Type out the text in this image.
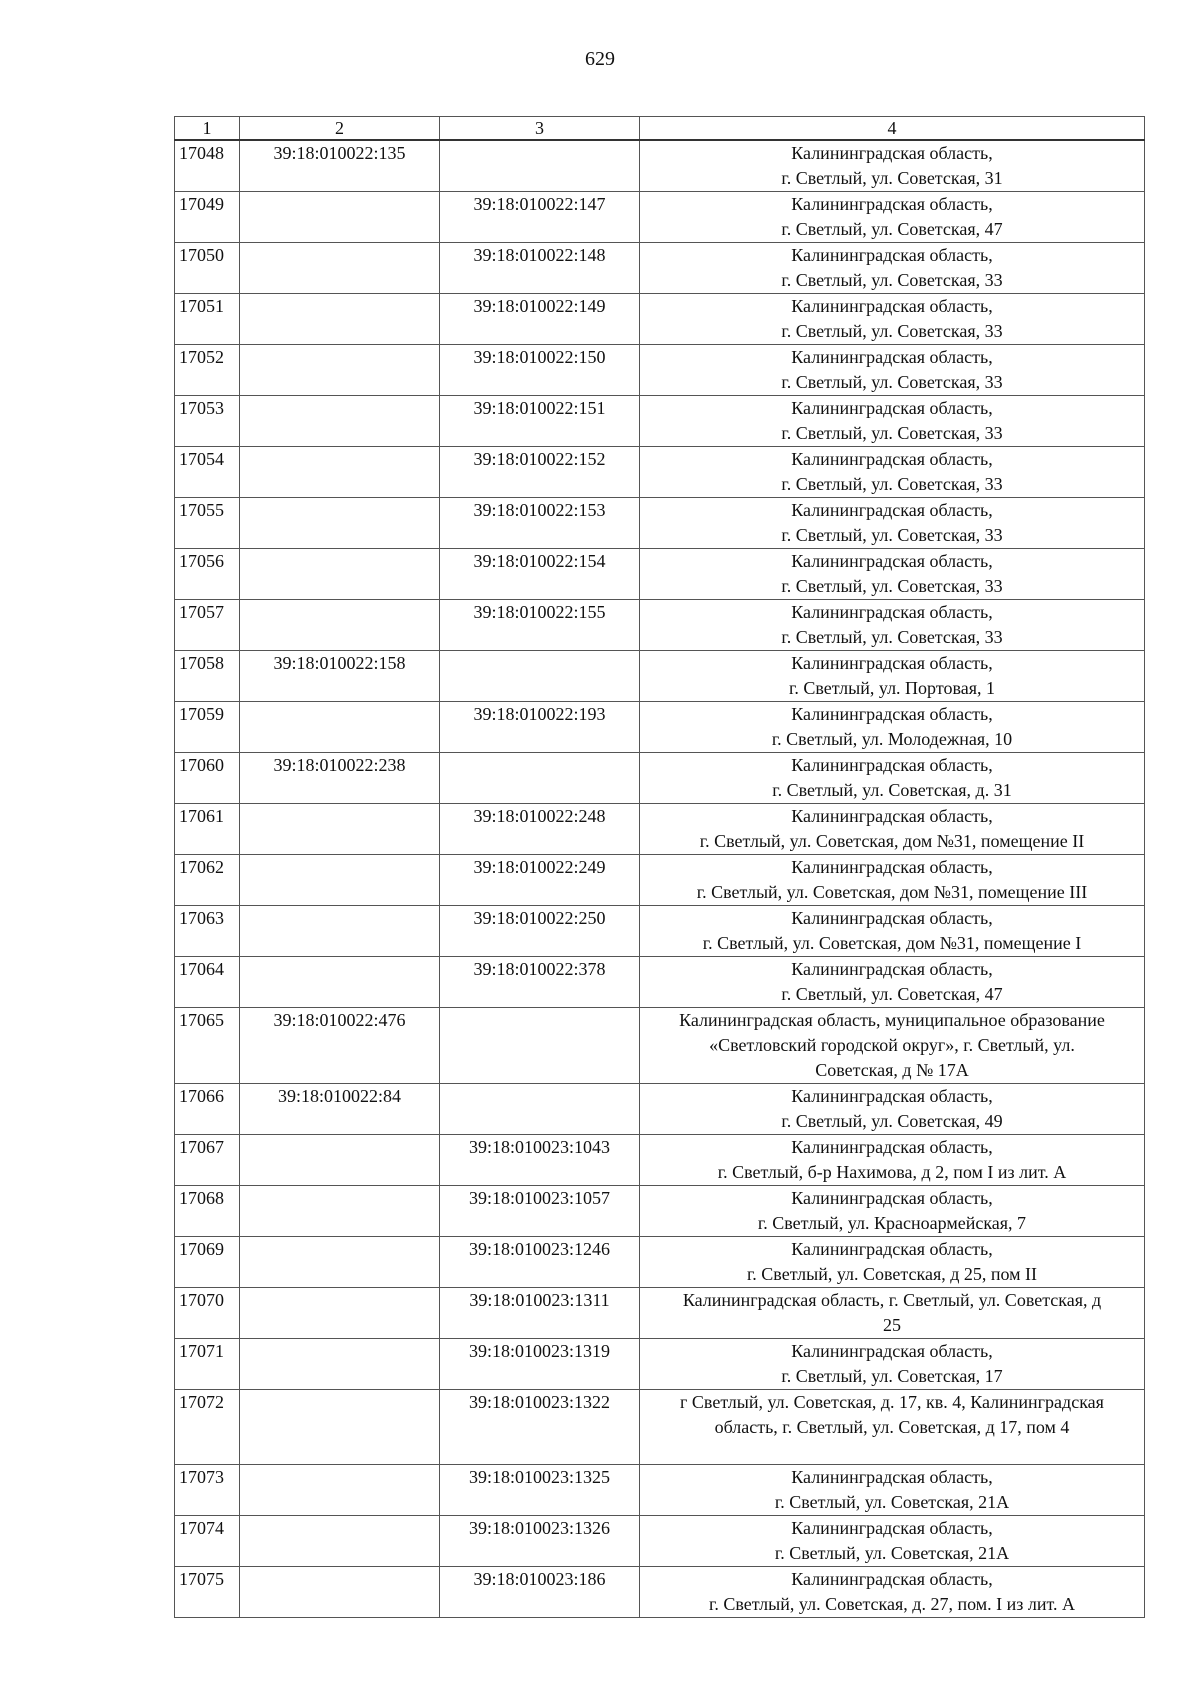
629
1	2	3	4
17048	39:18:010022:135		Калининградская область,
г. Светлый, ул. Советская, 31

17049		39:18:010022:147	Калининградская область,
г. Светлый, ул. Советская, 47

17050		39:18:010022:148	Калининградская область,
г. Светлый, ул. Советская, 33

17051		39:18:010022:149	Калининградская область,
г. Светлый, ул. Советская, 33

17052		39:18:010022:150	Калининградская область,
г. Светлый, ул. Советская, 33

17053		39:18:010022:151	Калининградская область,
г. Светлый, ул. Советская, 33

17054		39:18:010022:152	Калининградская область,
г. Светлый, ул. Советская, 33

17055		39:18:010022:153	Калининградская область,
г. Светлый, ул. Советская, 33

17056		39:18:010022:154	Калининградская область,
г. Светлый, ул. Советская, 33

17057		39:18:010022:155	Калининградская область,
г. Светлый, ул. Советская, 33

17058	39:18:010022:158		Калининградская область,
г. Светлый, ул. Портовая, 1

17059		39:18:010022:193	Калининградская область,
г. Светлый, ул. Молодежная, 10

17060	39:18:010022:238		Калининградская область,
г. Светлый, ул. Советская, д. 31

17061		39:18:010022:248	Калининградская область,
г. Светлый, ул. Советская, дом №31, помещение II

17062		39:18:010022:249	Калининградская область,
г. Светлый, ул. Советская, дом №31, помещение III

17063		39:18:010022:250	Калининградская область,
г. Светлый, ул. Советская, дом №31, помещение I

17064		39:18:010022:378	Калининградская область,
г. Светлый, ул. Советская, 47

17065	39:18:010022:476		Калининградская область, муниципальное образование
«Светловский городской округ», г. Светлый, ул.
Советская, д № 17А

17066	39:18:010022:84		Калининградская область,
г. Светлый, ул. Советская, 49

17067		39:18:010023:1043	Калининградская область,
г. Светлый, б-р Нахимова, д 2, пом I из лит. А

17068		39:18:010023:1057	Калининградская область,
г. Светлый, ул. Красноармейская, 7

17069		39:18:010023:1246	Калининградская область,
г. Светлый, ул. Советская, д 25, пом II

17070		39:18:010023:1311	Калининградская область, г. Светлый, ул. Советская, д
25

17071		39:18:010023:1319	Калининградская область,
г. Светлый, ул. Советская, 17

17072		39:18:010023:1322	г Светлый, ул. Советская, д. 17, кв. 4, Калининградская
область, г. Светлый, ул. Советская, д 17, пом 4

17073		39:18:010023:1325	Калининградская область,
г. Светлый, ул. Советская, 21А

17074		39:18:010023:1326	Калининградская область,
г. Светлый, ул. Советская, 21А

17075		39:18:010023:186	Калининградская область,
г. Светлый, ул. Советская, д. 27, пом. I из лит. А
